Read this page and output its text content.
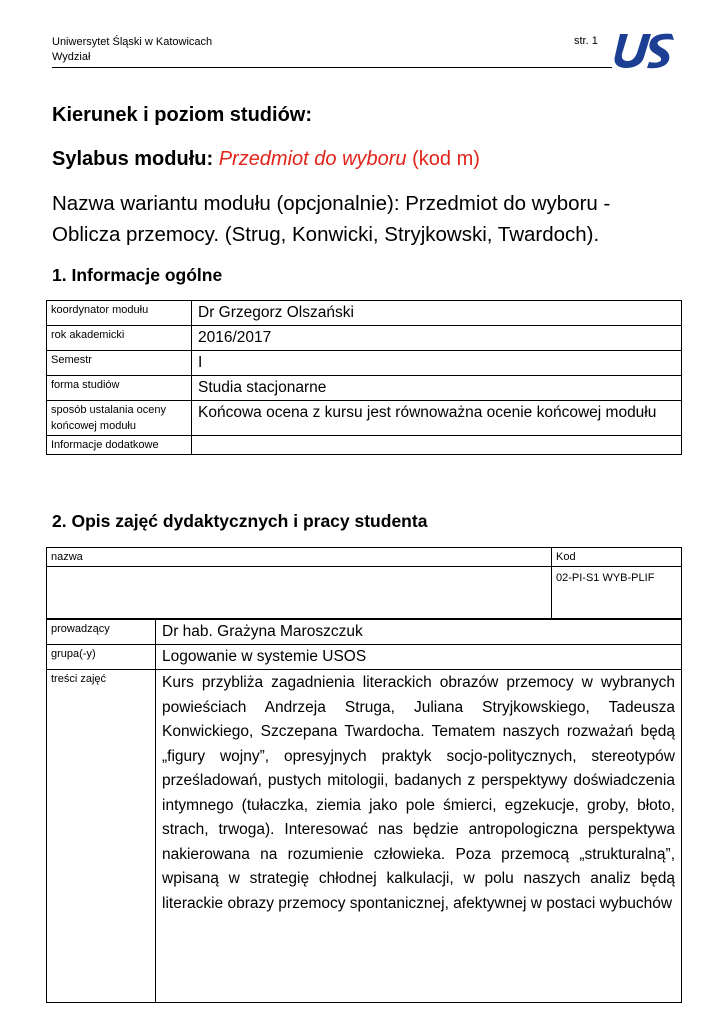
Uniwersytet Śląski w Katowicach
Wydział
str. 1
Kierunek i poziom studiów:
Sylabus modułu: Przedmiot do wyboru (kod m)
Nazwa wariantu modułu (opcjonalnie): Przedmiot do wyboru - Oblicza przemocy. (Strug, Konwicki, Stryjkowski, Twardoch).
1. Informacje ogólne
koordynator modułu	Dr Grzegorz Olszański
rok akademicki	2016/2017
Semestr	I
forma studiów	Studia stacjonarne
sposób ustalania oceny końcowej modułu	Końcowa ocena z kursu jest równoważna ocenie końcowej modułu
Informacje dodatkowe	
2. Opis zajęć dydaktycznych i pracy studenta
nazwa	Kod
	02-PI-S1 WYB-PLIF
prowadzący	Dr hab. Grażyna Maroszczuk
grupa(-y)	Logowanie w systemie USOS
treści zajęć	Kurs przybliża zagadnienia literackich obrazów przemocy w wybranych powieściach Andrzeja Struga, Juliana Stryjkowskiego, Tadeusza Konwickiego, Szczepana Twardocha. Tematem naszych rozważań będą „figury wojny”, opresyjnych praktyk socjo-politycznych, stereotypów prześladowań, pustych mitologii, badanych z perspektywy doświadczenia intymnego (tułaczka, ziemia jako pole śmierci, egzekucje, groby, błoto, strach, trwoga). Interesować nas będzie antropologiczna perspektywa nakierowana na rozumienie człowieka. Poza przemocą „strukturalną”, wpisaną w strategię chłodnej kalkulacji, w polu naszych analiz będą literackie obrazy przemocy spontanicznej, afektywnej w postaci wybuchów
